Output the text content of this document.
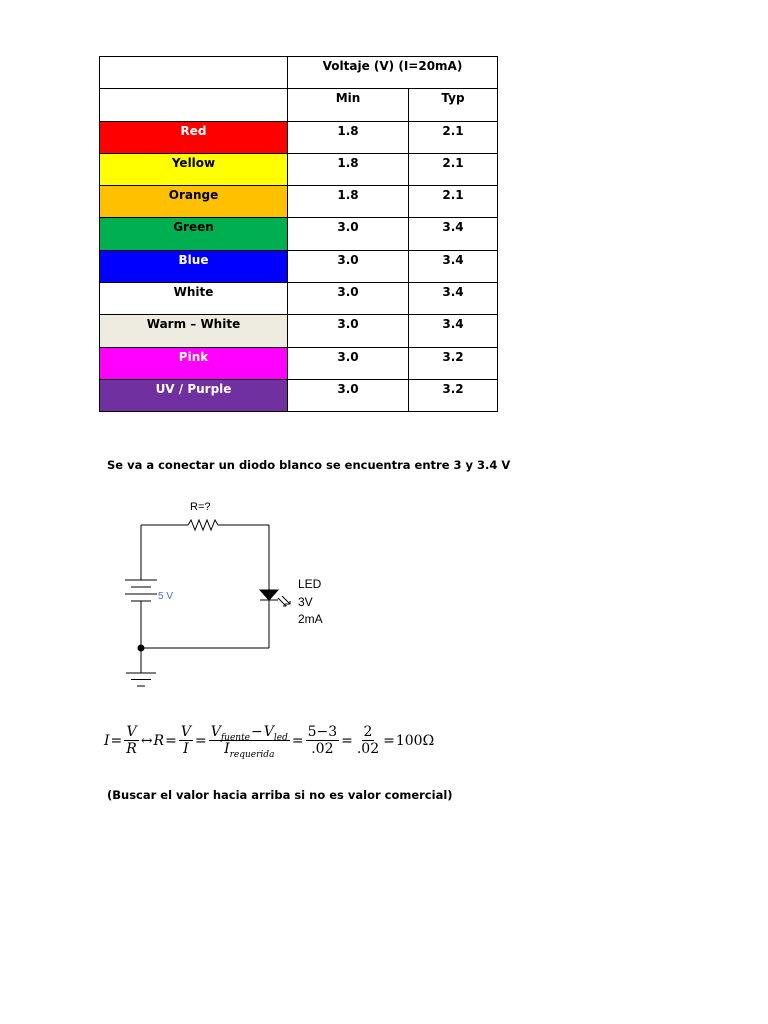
	Voltaje (V) (I=20mA)	
	Min	Typ
Red	1.8	2.1
Yellow	1.8	2.1
Orange	1.8	2.1
Green	3.0	3.4
Blue	3.0	3.4
White	3.0	3.4
Warm – White	3.0	3.4
Pink	3.0	3.2
UV / Purple	3.0	3.2
Se va a conectar un diodo blanco se encuentra entre 3 y 3.4 V
R=?
5 V
LED
3V
2mA
$I = \frac{V}{R}$ ↔ $R = \frac{V}{I} = \frac{V_{fuente}-V_{led}}{I_{requerida}} = \frac{5-3}{.02} = \frac{2}{.02} = 100\Omega$
(Buscar el valor hacia arriba si no es valor comercial)
